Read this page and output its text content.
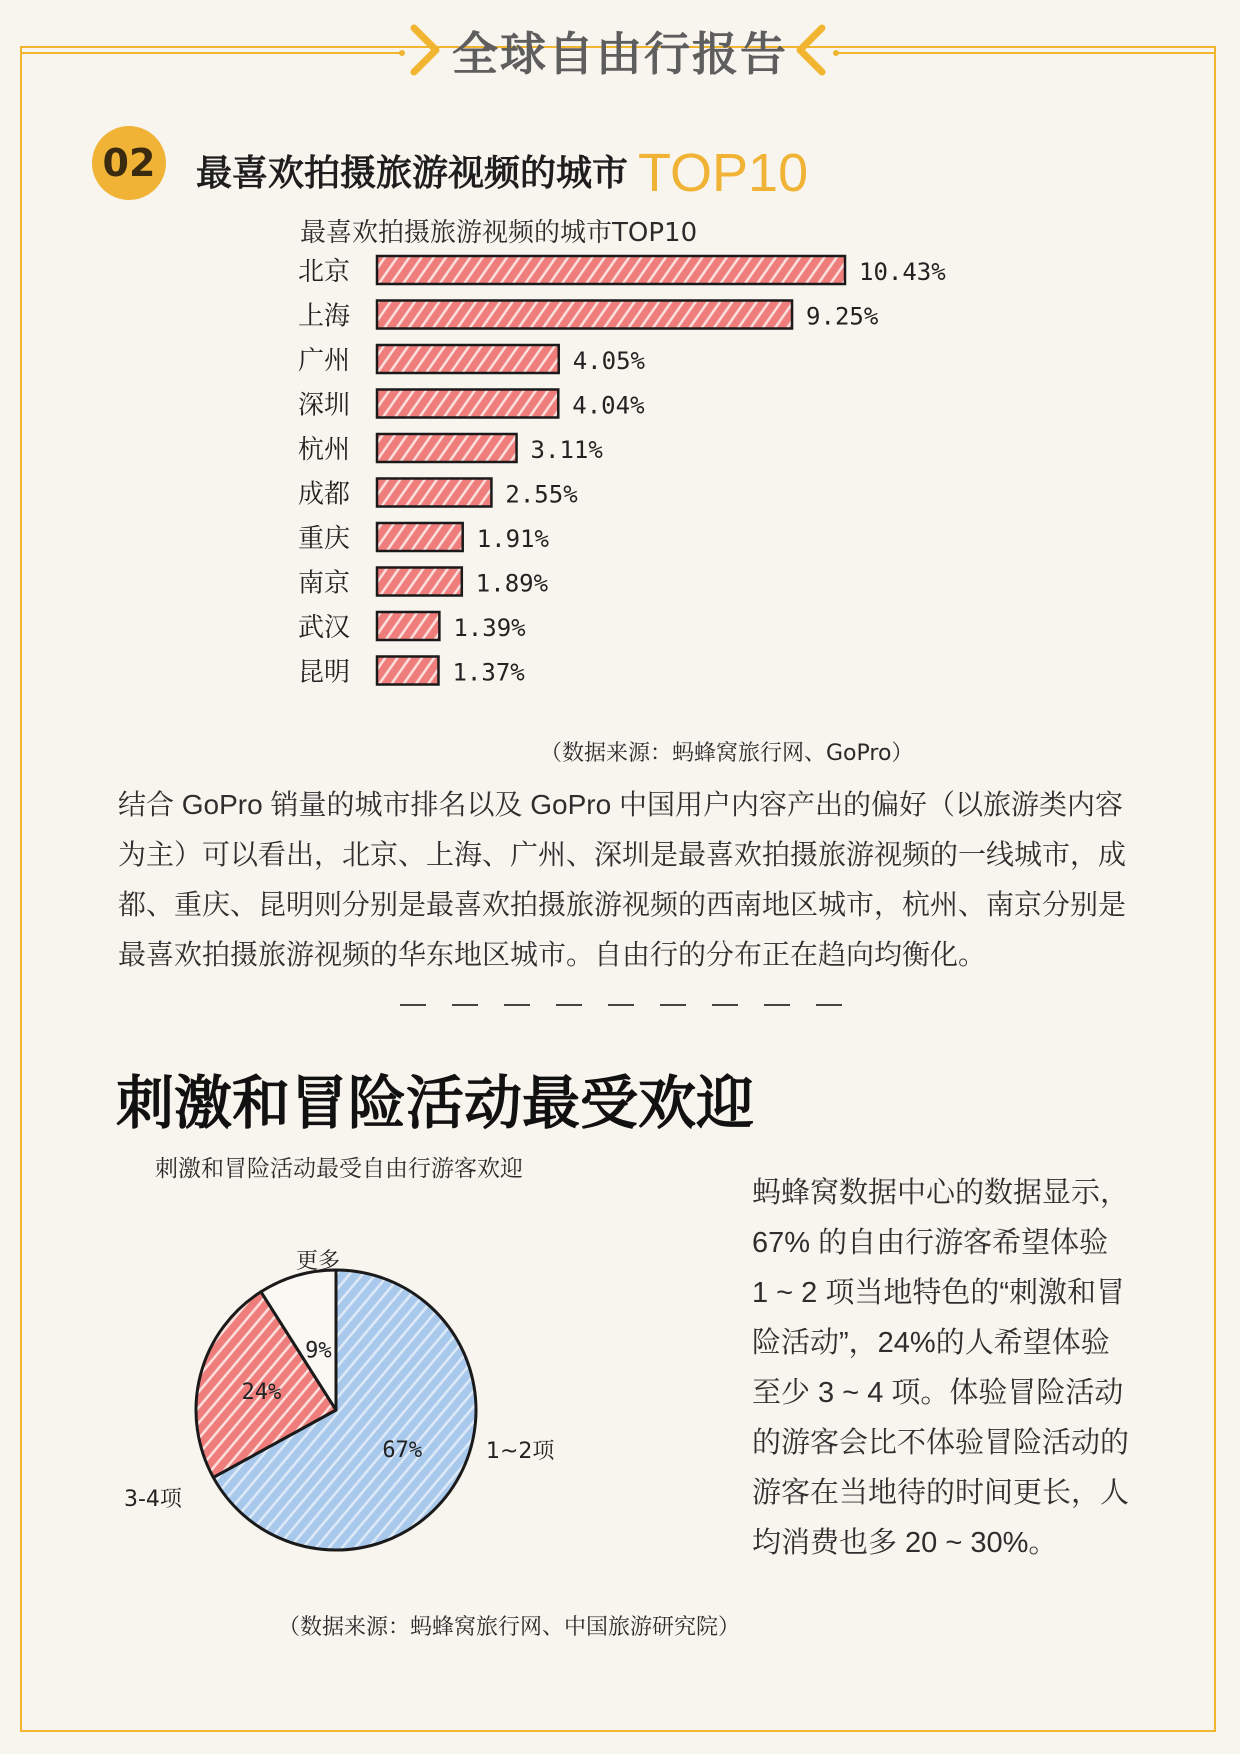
全球自由行报告
02 最喜欢拍摄旅游视频的城市 TOP10
最喜欢拍摄旅游视频的城市TOP10
北京	10.43%
上海	9.25%
广州	4.05%
深圳	4.04%
杭州	3.11%
成都	2.55%
重庆	1.91%
南京	1.89%
武汉	1.39%
昆明	1.37%
（数据来源：蚂蜂窝旅行网、GoPro）
结合 GoPro 销量的城市排名以及 GoPro 中国用户内容产出的偏好（以旅游类内容为主）可以看出，北京、上海、广州、深圳是最喜欢拍摄旅游视频的一线城市，成都、重庆、昆明则分别是最喜欢拍摄旅游视频的西南地区城市，杭州、南京分别是最喜欢拍摄旅游视频的华东地区城市。自由行的分布正在趋向均衡化。
刺激和冒险活动最受欢迎
刺激和冒险活动最受自由行游客欢迎
67%
24%
9%
更多
1~2项
3-4项
（数据来源：蚂蜂窝旅行网、中国旅游研究院）
蚂蜂窝数据中心的数据显示，67% 的自由行游客希望体验 1 ~ 2 项当地特色的“刺激和冒险活动”，24%的人希望体验至少 3 ~ 4 项。体验冒险活动的游客会比不体验冒险活动的游客在当地待的时间更长，人均消费也多 20 ~ 30%。
